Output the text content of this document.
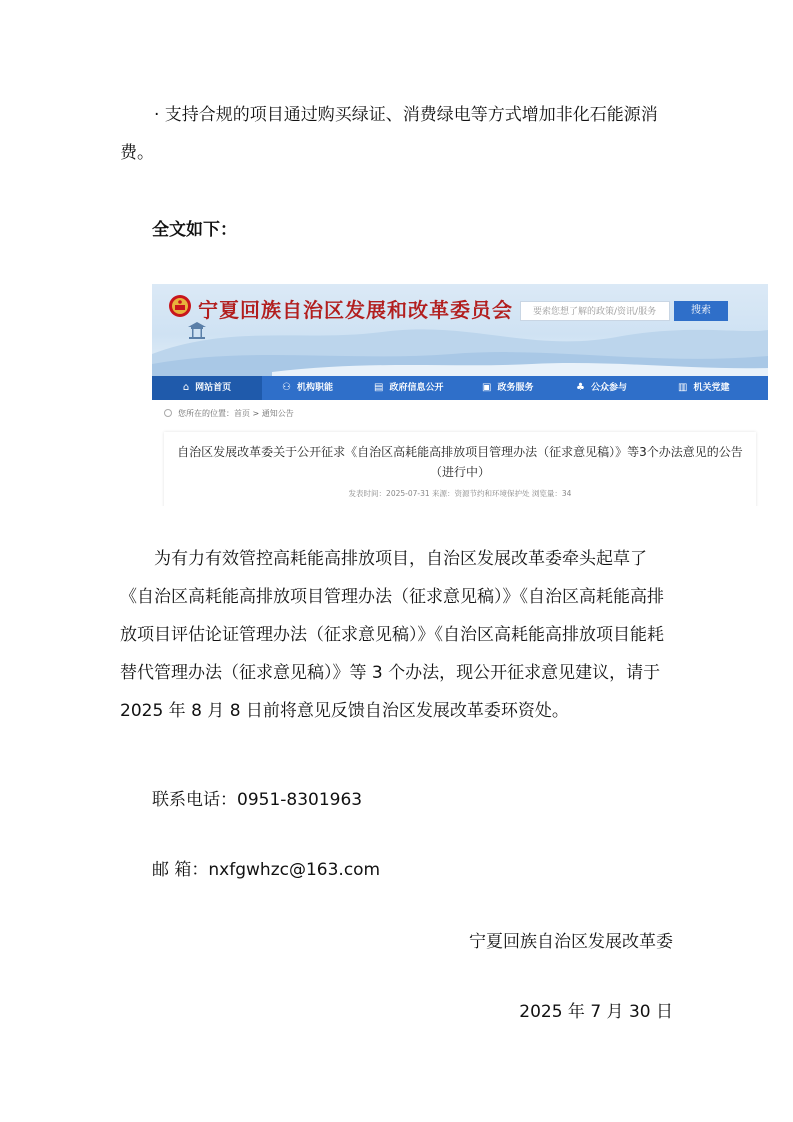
· 支持合规的项目通过购买绿证、消费绿电等方式增加非化石能源消费。

全文如下：

宁夏回族自治区发展和改革委员会	要索您想了解的政策/资讯/服务	搜索
⌂ 网站首页	⚇ 机构职能	▤ 政府信息公开	▣ 政务服务	♣ 公众参与	▥ 机关党建
您所在的位置：首页 > 通知公告
自治区发展改革委关于公开征求《自治区高耗能高排放项目管理办法（征求意见稿）》等3个办法意见的公告（进行中）
发表时间：2025-07-31 来源：资源节约和环境保护处 浏览量：34

为有力有效管控高耗能高排放项目，自治区发展改革委牵头起草了《自治区高耗能高排放项目管理办法（征求意见稿）》《自治区高耗能高排放项目评估论证管理办法（征求意见稿）》《自治区高耗能高排放项目能耗替代管理办法（征求意见稿）》等 3 个办法，现公开征求意见建议，请于 2025 年 8 月 8 日前将意见反馈自治区发展改革委环资处。

联系电话：0951-8301963

邮 箱：nxfgwhzc@163.com

宁夏回族自治区发展改革委

2025 年 7 月 30 日
